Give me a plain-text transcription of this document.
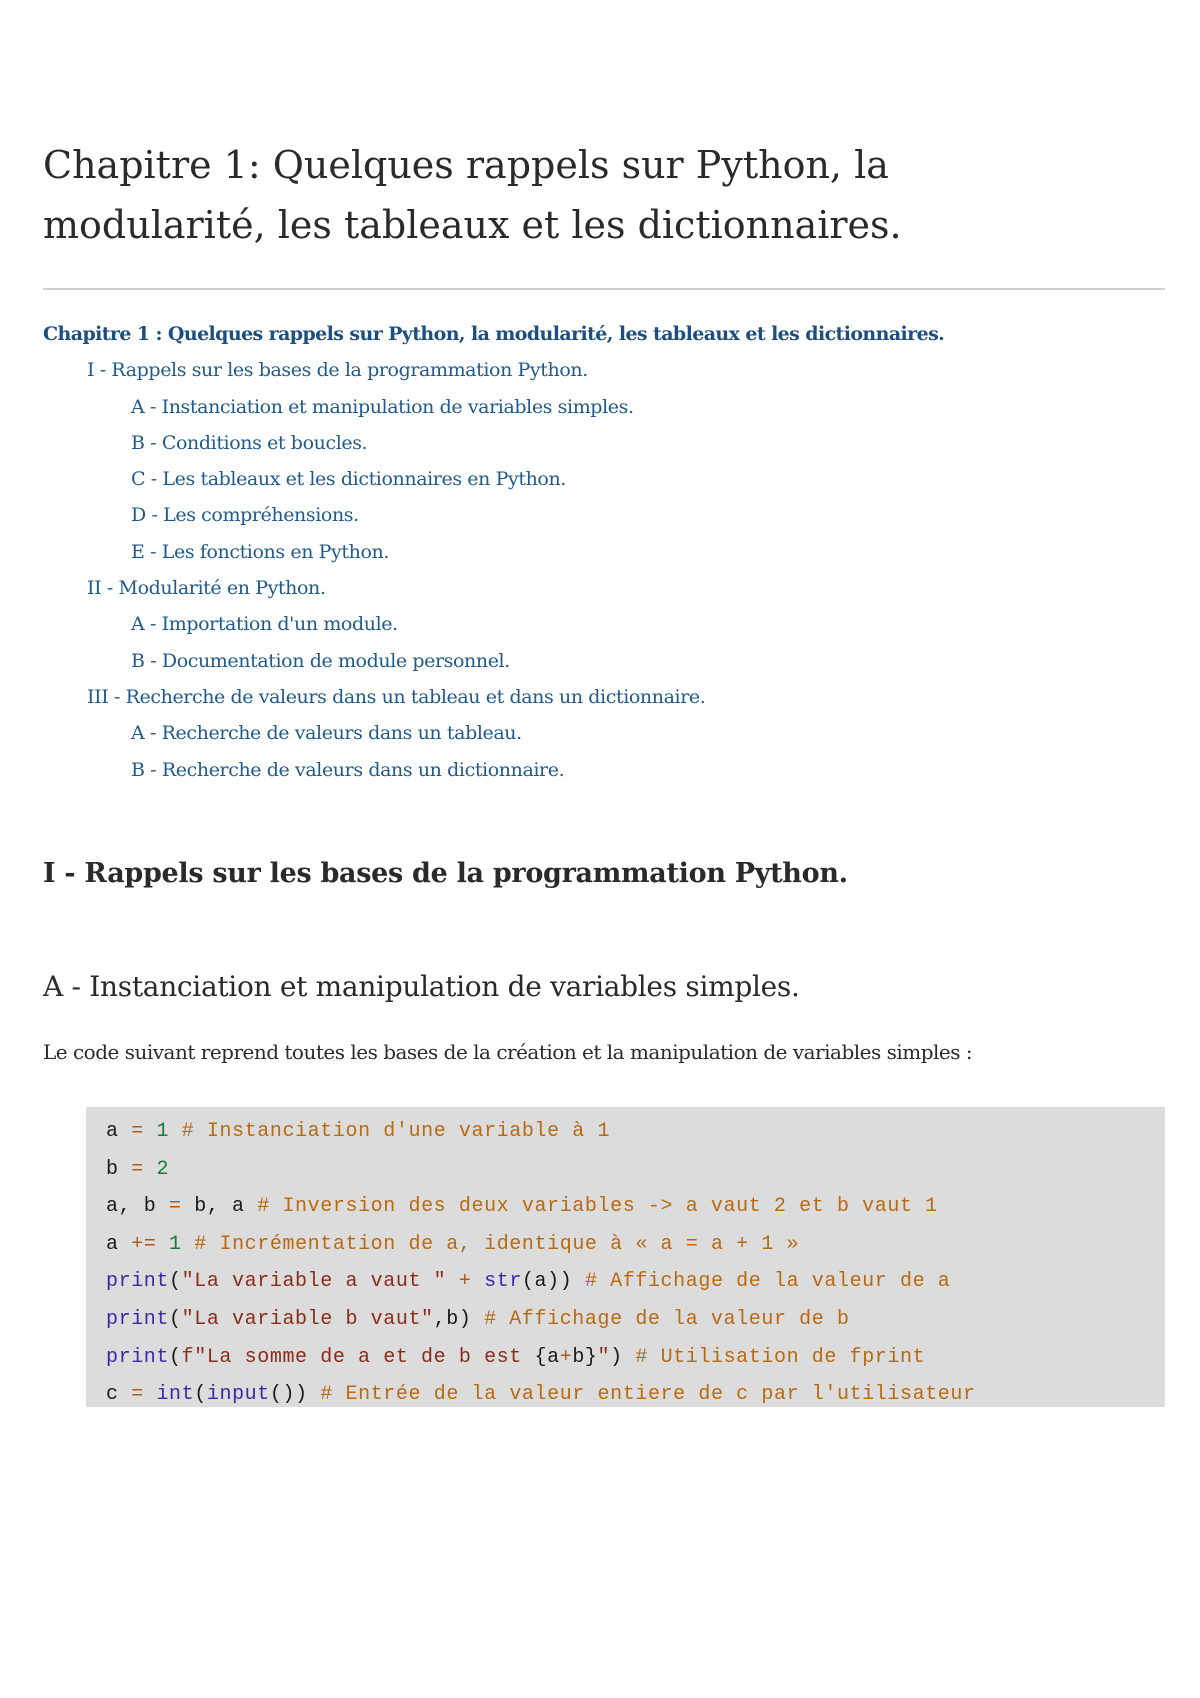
Chapitre 1: Quelques rappels sur Python, la
modularité, les tableaux et les dictionnaires.
Chapitre 1 : Quelques rappels sur Python, la modularité, les tableaux et les dictionnaires.
I - Rappels sur les bases de la programmation Python.
A - Instanciation et manipulation de variables simples.
B - Conditions et boucles.
C - Les tableaux et les dictionnaires en Python.
D - Les compréhensions.
E - Les fonctions en Python.
II - Modularité en Python.
A - Importation d'un module.
B - Documentation de module personnel.
III - Recherche de valeurs dans un tableau et dans un dictionnaire.
A - Recherche de valeurs dans un tableau.
B - Recherche de valeurs dans un dictionnaire.
I - Rappels sur les bases de la programmation Python.
A - Instanciation et manipulation de variables simples.

Le code suivant reprend toutes les bases de la création et la manipulation de variables simples :

a = 1 # Instanciation d'une variable à 1
b = 2
a, b = b, a # Inversion des deux variables -> a vaut 2 et b vaut 1
a += 1 # Incrémentation de a, identique à « a = a + 1 »
print("La variable a vaut " + str(a)) # Affichage de la valeur de a
print("La variable b vaut",b) # Affichage de la valeur de b
print(f"La somme de a et de b est {a+b}") # Utilisation de fprint
c = int(input()) # Entrée de la valeur entiere de c par l'utilisateur
